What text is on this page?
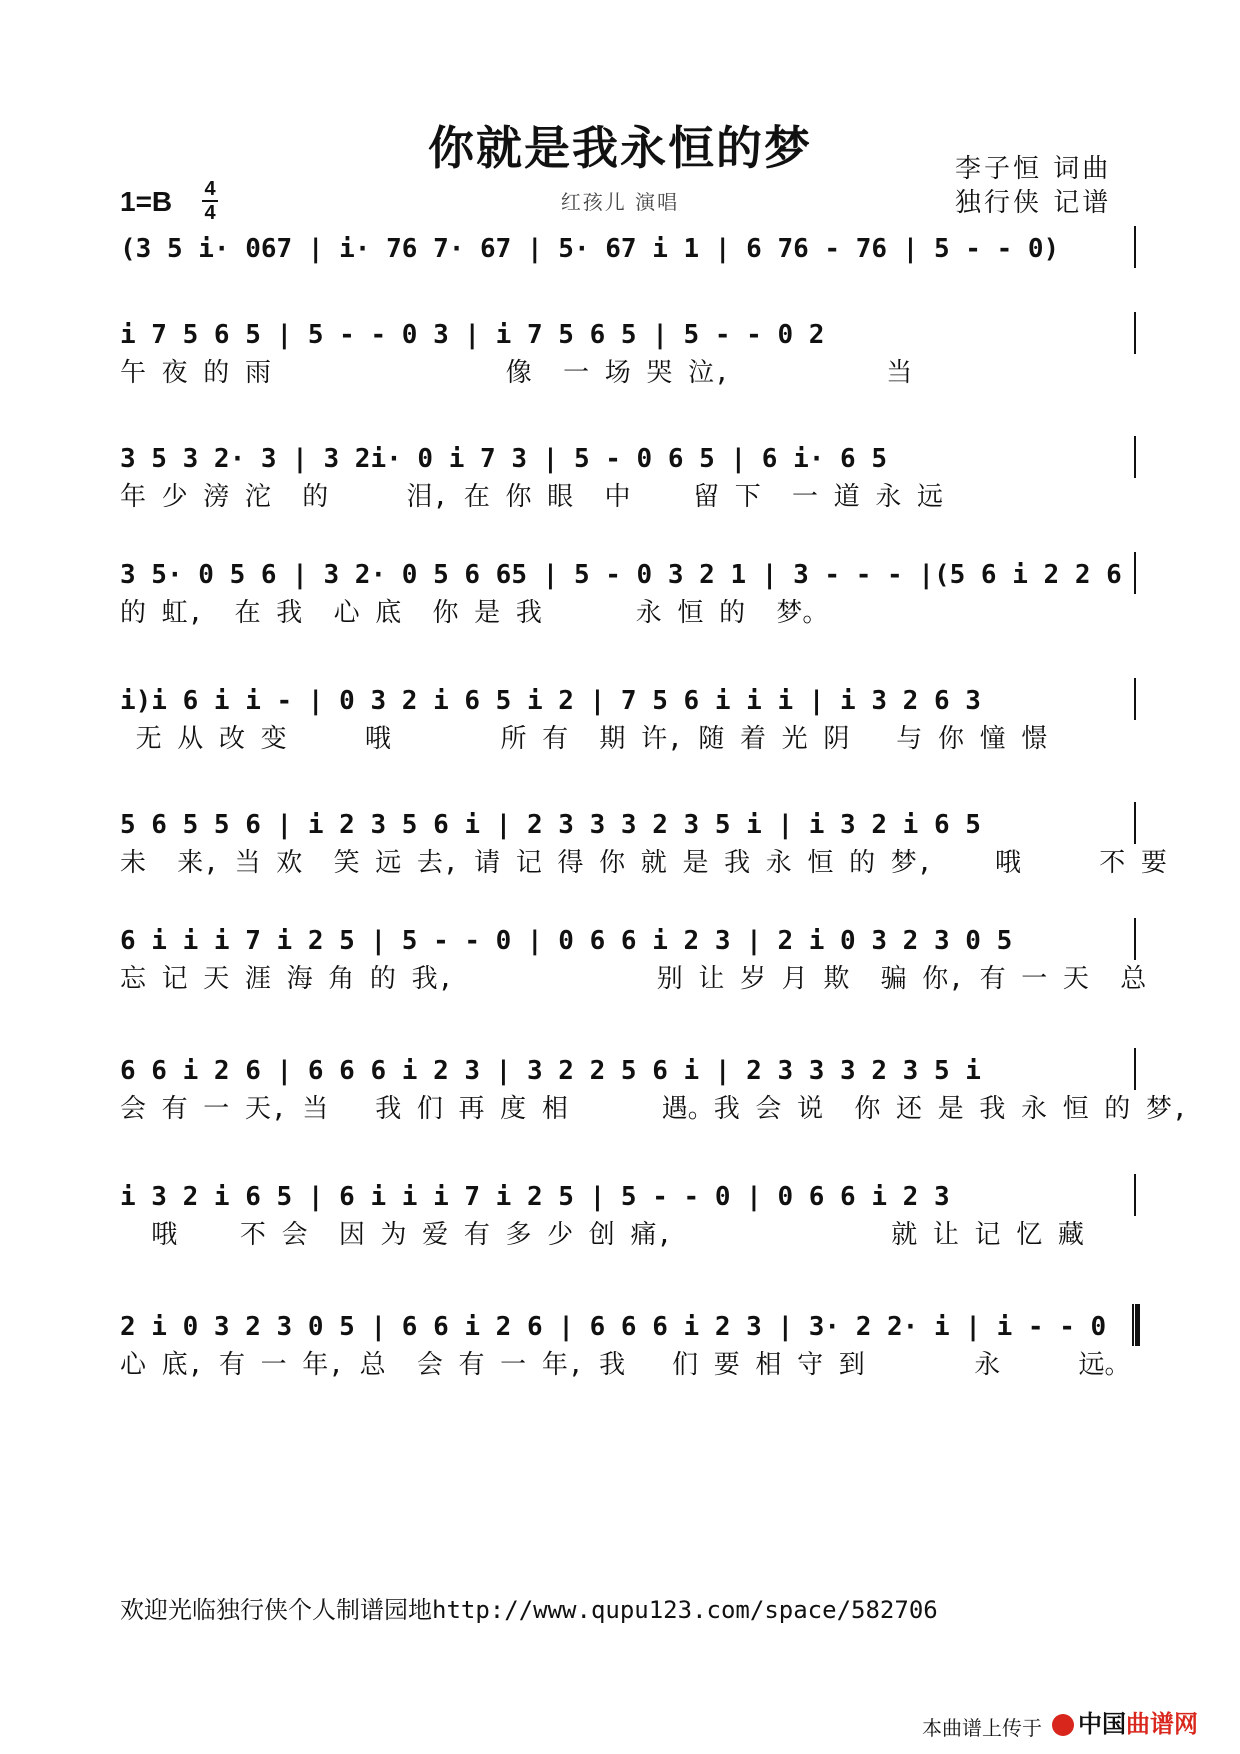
你就是我永恒的梦
1=B 4
4	红孩儿 演唱
李子恒 词曲
独行侠 记谱
(3 5 i· 067 | i· 76 7· 67 | 5· 67 i 1 | 6 76 - 76 | 5 - - 0)
i 7 5 6 5 | 5 - - 0 3 | i 7 5 6 5 | 5 - - 0 2
午 夜 的 雨               像  一 场 哭 泣,          当
3 5 3 2· 3 | 3 2i· 0 i 7 3 | 5 - 0 6 5 | 6 i· 6 5
年 少 滂 沱  的     泪, 在 你 眼  中    留 下  一 道 永 远
3 5· 0 5 6 | 3 2· 0 5 6 65 | 5 - 0 3 2 1 | 3 - - - |(5 6 i 2 2 6
的 虹,  在 我  心 底  你 是 我      永 恒 的  梦。
i)i 6 i i - | 0 3 2 i 6 5 i 2 | 7 5 6 i i i | i 3 2 6 3
无 从 改 变     哦       所 有  期 许, 随 着 光 阴   与 你 憧 憬
5 6 5 5 6 | i 2 3 5 6 i | 2 3 3 3 2 3 5 i | i 3 2 i 6 5
未  来, 当 欢  笑 远 去, 请 记 得 你 就 是 我 永 恒 的 梦,    哦     不 要
6 i i i 7 i 2 5 | 5 - - 0 | 0 6 6 i 2 3 | 2 i 0 3 2 3 0 5
忘 记 天 涯 海 角 的 我,             别 让 岁 月 欺  骗 你, 有 一 天  总
6 6 i 2 6 | 6 6 6 i 2 3 | 3 2 2 5 6 i | 2 3 3 3 2 3 5 i
会 有 一 天, 当   我 们 再 度 相      遇。我 会 说  你 还 是 我 永 恒 的 梦,
i 3 2 i 6 5 | 6 i i i 7 i 2 5 | 5 - - 0 | 0 6 6 i 2 3
哦    不 会  因 为 爱 有 多 少 创 痛,              就 让 记 忆 藏
2 i 0 3 2 3 0 5 | 6 6 i 2 6 | 6 6 6 i 2 3 | 3· 2 2· i | i - - 0
心 底, 有 一 年, 总  会 有 一 年, 我   们 要 相 守 到       永     远。
欢迎光临独行侠个人制谱园地http://www.qupu123.com/space/582706
本曲谱上传于	中国曲谱网
